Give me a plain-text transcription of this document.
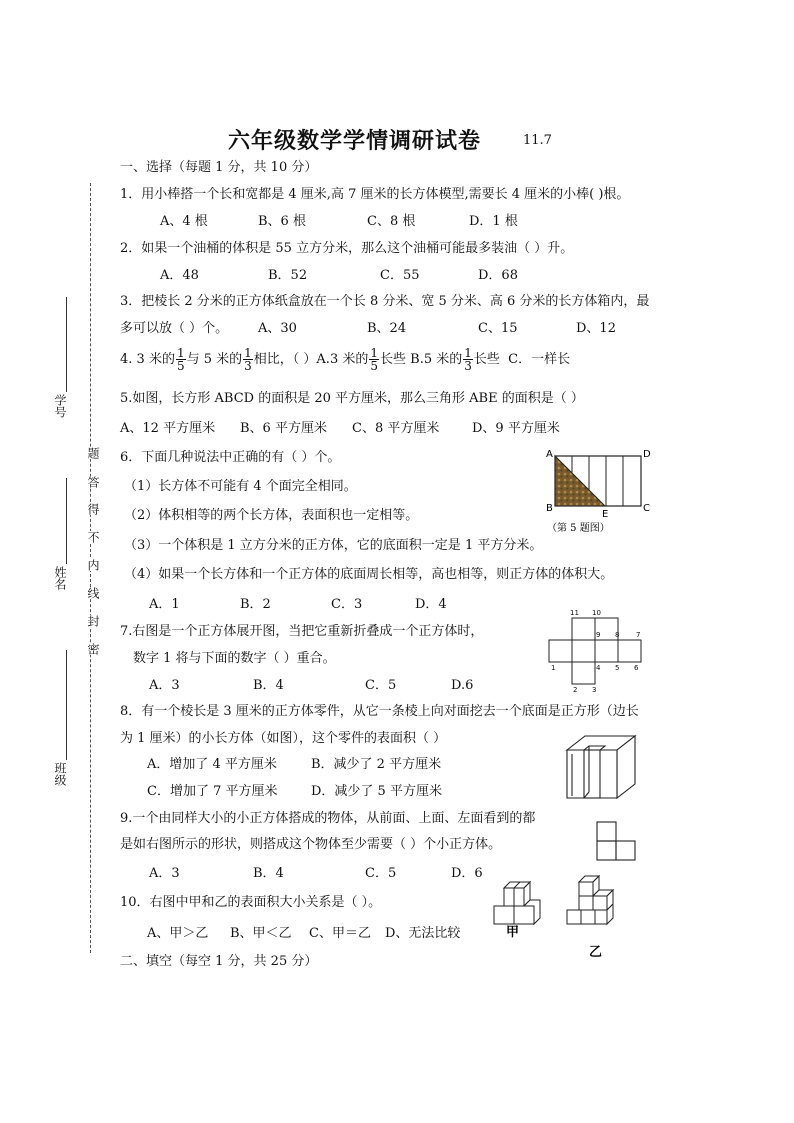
六年级数学学情调研试卷	11.7
学号
姓名
班级
题
答
得
不
内
线
封
密
一、选择（每题 1 分，共 10 分）
1．用小棒搭一个长和宽都是 4 厘米,高 7 厘米的长方体模型,需要长 4 厘米的小棒( )根。
A、4 根	B、6 根	C、8 根	D．1 根
2．如果一个油桶的体积是 55 立方分米，那么这个油桶可能最多装油（ ）升。
A．48	B．52	C．55	D．68
3．把棱长 2 分米的正方体纸盒放在一个长 8 分米、宽 5 分米、高 6 分米的长方体箱内，最
多可以放（ ）个。 A、30	B、24	C、15	D、12
4. 3 米的 $\frac{1}{5}$ 与 5 米的 $\frac{1}{3}$ 相比，（ ）A.3 米的 $\frac{1}{5}$ 长些 B.5 米的 $\frac{1}{3}$ 长些 C．一样长
5.如图，长方形 ABCD 的面积是 20 平方厘米，那么三角形 ABE 的面积是（ ）
A、12 平方厘米 B、6 平方厘米 C、8 平方厘米	D、9 平方厘米
A	D
B
E
C
（第 5 题图）
6．下面几种说法中正确的有（ ）个。
（1）长方体不可能有 4 个面完全相同。
（2）体积相等的两个长方体，表面积也一定相等。
（3）一个体积是 1 立方分米的正方体，它的底面积一定是 1 平方分米。
（4）如果一个长方体和一个正方体的底面周长相等，高也相等，则正方体的体积大。
A．1	B．2	C．3	D．4
7.右图是一个正方体展开图，当把它重新折叠成一个正方体时，
数字 1 将与下面的数字（ ）重合。
A．3	B．4	C．5	D.6
11 10
9 8 7
1	4 5 6
2 3
8．有一个棱长是 3 厘米的正方体零件，从它一条棱上向对面挖去一个底面是正方形（边长
为 1 厘米）的小长方体（如图），这个零件的表面积（ ）
A．增加了 4 平方厘米	B．减少了 2 平方厘米
C．增加了 7 平方厘米	D．减少了 5 平方厘米
9.一个由同样大小的小正方体搭成的物体，从前面、上面、左面看到的都
是如右图所示的形状，则搭成这个物体至少需要（ ）个小正方体。
A．3	B．4	C．5	D．6
10．右图中甲和乙的表面积大小关系是（ ）。
A、甲＞乙 B、甲＜乙 C、甲＝乙 D、无法比较	甲
乙
二、填空（每空 1 分，共 25 分）
